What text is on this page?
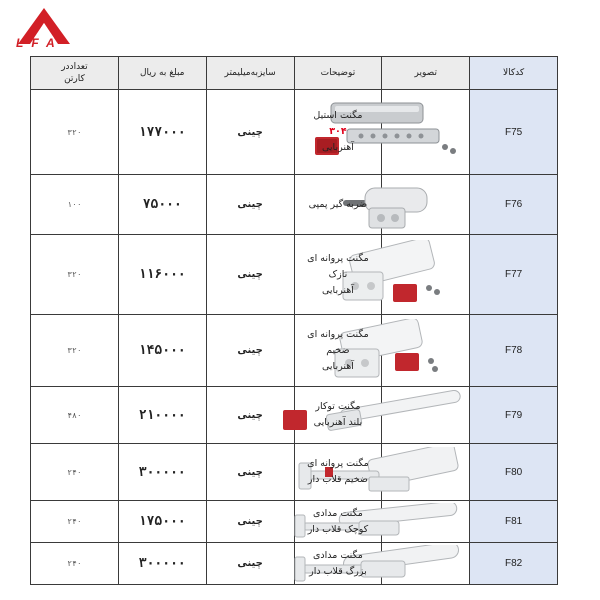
LFA
کدکالا	تصویر	توضیحات	سایزبه‌میلیمتر	مبلغ به ریال	تعداددر
کارتن

F75		مگنت استیل
۳۰۴
آهنربایی	چینی	۱۷۷۰۰۰	۳۲۰
F76		ضربه گیر پمپی	چینی	۷۵۰۰۰	۱۰۰
F77		مگنت پروانه ای
نازک
آهنربایی	چینی	۱۱۶۰۰۰	۳۲۰
F78		مگنت پروانه ای
ضخیم
آهنربایی	چینی	۱۴۵۰۰۰	۳۲۰
F79		مگنت توکار
بلند آهنربایی	چینی	۲۱۰۰۰۰	۴۸۰
F80		مگنت پروانه ای
ضخیم قلاب دار	چینی	۳۰۰۰۰۰	۲۴۰
F81		مگنت مدادی
کوچک قلاب دار	چینی	۱۷۵۰۰۰	۲۴۰
F82		مگنت مدادی
بزرگ قلاب دار	چینی	۳۰۰۰۰۰	۲۴۰
